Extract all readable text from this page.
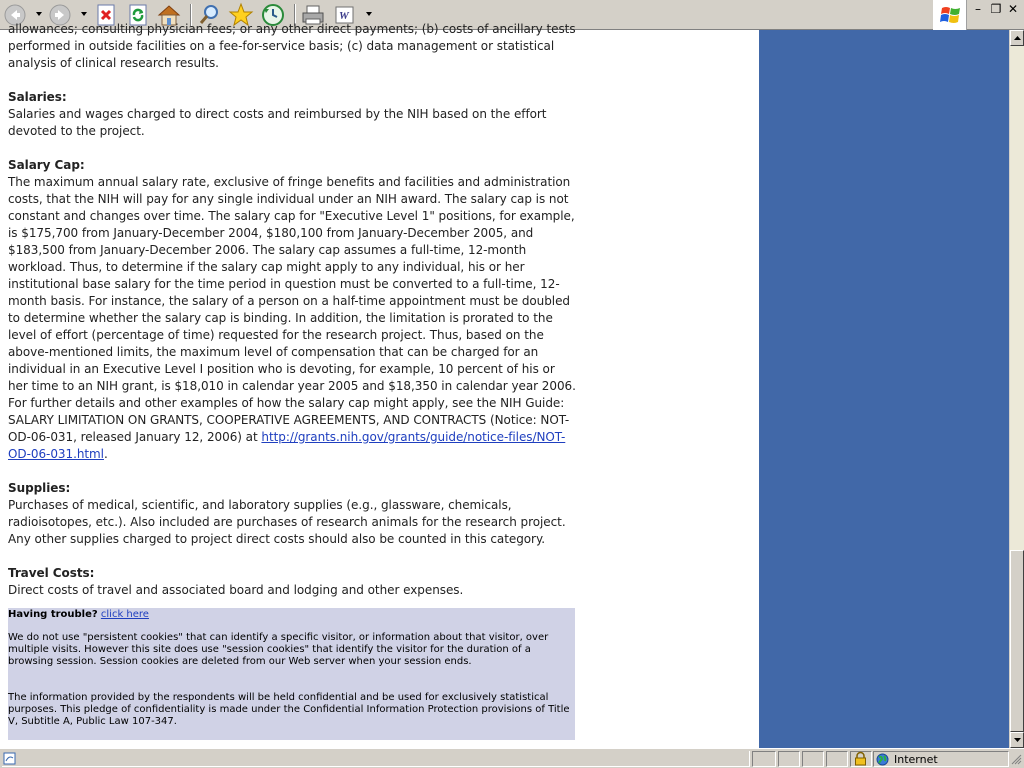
W	– ❐ ✕

allowances; consulting physician fees; or any other direct payments; (b) costs of ancillary tests

performed in outside facilities on a fee-for-service basis; (c) data management or statistical

analysis of clinical research results.

Salaries:

Salaries and wages charged to direct costs and reimbursed by the NIH based on the effort devoted to the project.

Salary Cap:

The maximum annual salary rate, exclusive of fringe benefits and facilities and administration costs, that the NIH will pay for any single individual under an NIH award. The salary cap is not constant and changes over time. The salary cap for "Executive Level 1" positions, for example, is $175,700 from January-December 2004, $180,100 from January-December 2005, and $183,500 from January-December 2006. The salary cap assumes a full-time, 12-month workload. Thus, to determine if the salary cap might apply to any individual, his or her institutional base salary for the time period in question must be converted to a full-time, 12-month basis. For instance, the salary of a person on a half-time appointment must be doubled to determine whether the salary cap is binding. In addition, the limitation is prorated to the level of effort (percentage of time) requested for the research project. Thus, based on the above-mentioned limits, the maximum level of compensation that can be charged for an individual in an Executive Level I position who is devoting, for example, 10 percent of his or her time to an NIH grant, is $18,010 in calendar year 2005 and $18,350 in calendar year 2006. For further details and other examples of how the salary cap might apply, see the NIH Guide: SALARY LIMITATION ON GRANTS, COOPERATIVE AGREEMENTS, AND CONTRACTS (Notice: NOT-OD-06-031, released January 12, 2006) at http://grants.nih.gov/grants/guide/notice-files/NOT-OD-06-031.html.

Supplies:

Purchases of medical, scientific, and laboratory supplies (e.g., glassware, chemicals, radioisotopes, etc.). Also included are purchases of research animals for the research project. Any other supplies charged to project direct costs should also be counted in this category.

Travel Costs:

Direct costs of travel and associated board and lodging and other expenses.

Having trouble? click here

We do not use "persistent cookies" that can identify a specific visitor, or information about that visitor, over multiple visits. However this site does use "session cookies" that identify the visitor for the duration of a browsing session. Session cookies are deleted from our Web server when your session ends.

The information provided by the respondents will be held confidential and be used for exclusively statistical purposes. This pledge of confidentiality is made under the Confidential Information Protection provisions of Title V, Subtitle A, Public Law 107-347.

Internet
